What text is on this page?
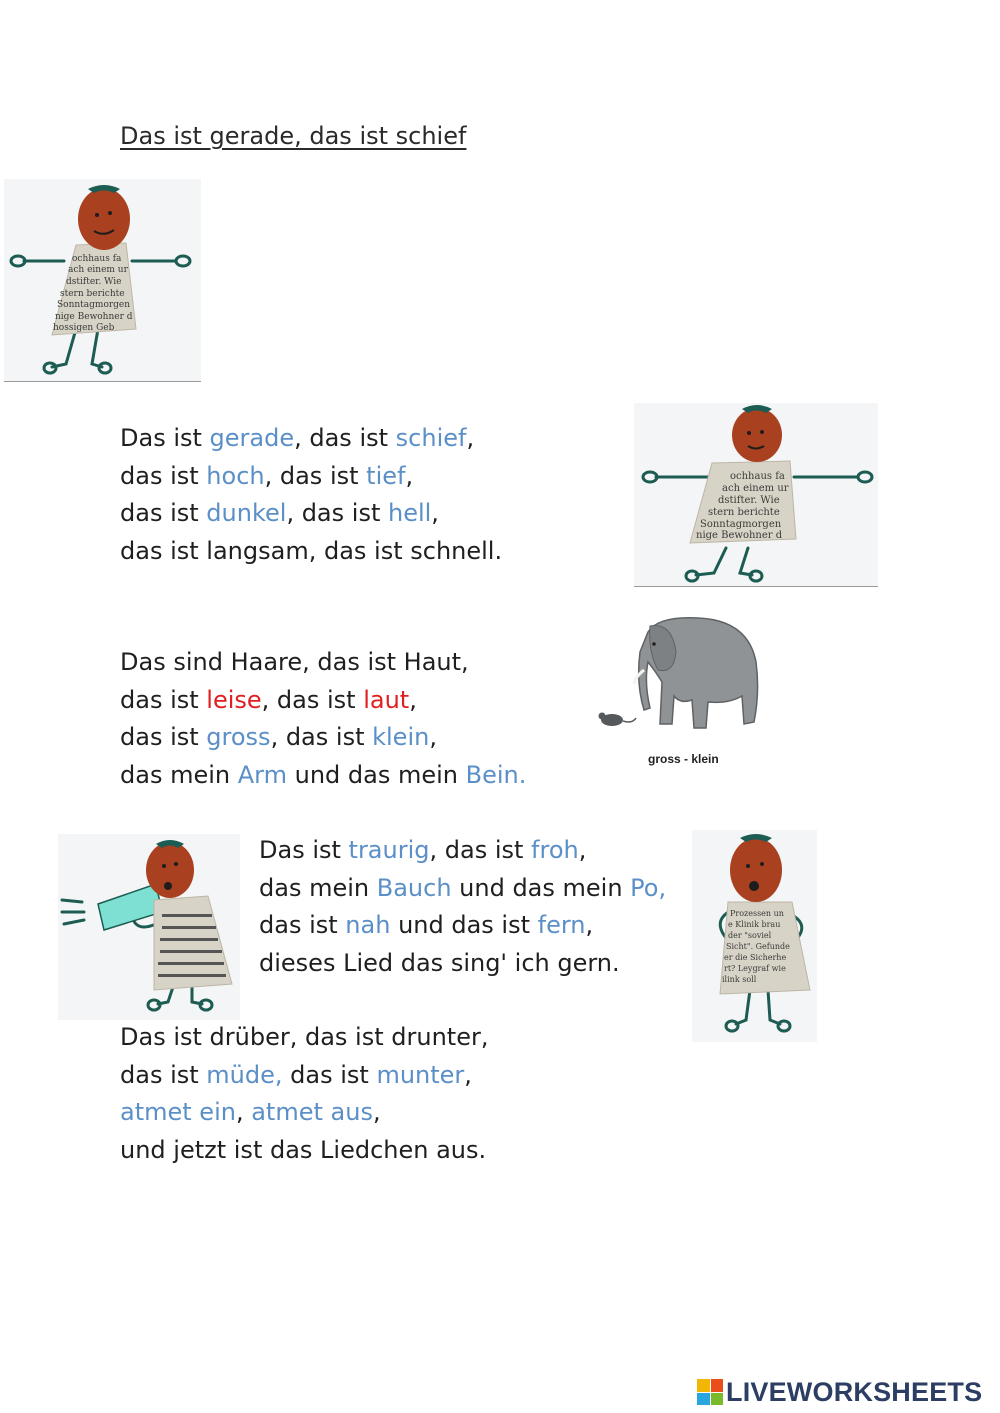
Das ist gerade, das ist schief
ochhaus fa
ach einem ur
dstifter. Wie
stern berichte
Sonntagmorgen
nige Bewohner d
hossigen Geb
Das ist gerade, das ist schief,
das ist hoch, das ist tief,
das ist dunkel, das ist hell,
das ist langsam, das ist schnell.
ochhaus fa
ach einem ur
dstifter. Wie
stern berichte
Sonntagmorgen
nige Bewohner d
Das sind Haare, das ist Haut,
das ist leise, das ist laut,
das ist gross, das ist klein,
das mein Arm und das mein Bein.
gross - klein
Das ist traurig, das ist froh,
das mein Bauch und das mein Po,
das ist nah und das ist fern,
dieses Lied das sing' ich gern.
Prozessen un
e Klinik brau
der "soviel
Sicht". Gefunde
er die Sicherhe
rt? Leygraf wie
ilink soll
Das ist drüber, das ist drunter,
das ist müde, das ist munter,
atmet ein, atmet aus,
und jetzt ist das Liedchen aus.
LIVEWORKSHEETS
